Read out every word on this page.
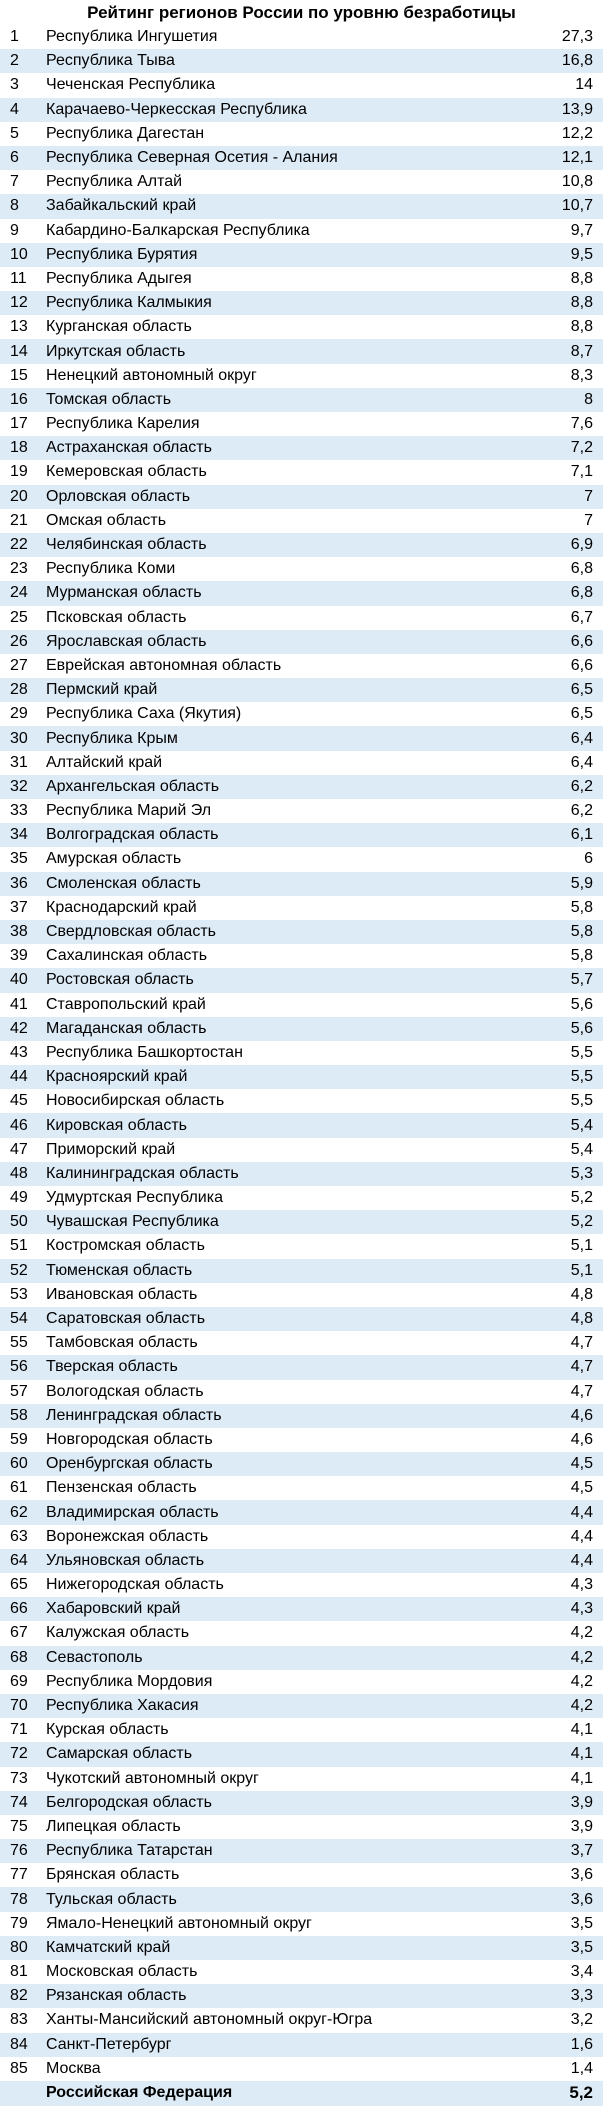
Рейтинг регионов России по уровню безработицы
1	Республика Ингушетия	27,3
2	Республика Тыва	16,8
3	Чеченская Республика	14
4	Карачаево-Черкесская Республика	13,9
5	Республика Дагестан	12,2
6	Республика Северная Осетия - Алания	12,1
7	Республика Алтай	10,8
8	Забайкальский край	10,7
9	Кабардино-Балкарская Республика	9,7
10	Республика Бурятия	9,5
11	Республика Адыгея	8,8
12	Республика Калмыкия	8,8
13	Курганская область	8,8
14	Иркутская область	8,7
15	Ненецкий автономный округ	8,3
16	Томская область	8
17	Республика Карелия	7,6
18	Астраханская область	7,2
19	Кемеровская область	7,1
20	Орловская область	7
21	Омская область	7
22	Челябинская область	6,9
23	Республика Коми	6,8
24	Мурманская область	6,8
25	Псковская область	6,7
26	Ярославская область	6,6
27	Еврейская автономная область	6,6
28	Пермский край	6,5
29	Республика Саха (Якутия)	6,5
30	Республика Крым	6,4
31	Алтайский край	6,4
32	Архангельская область	6,2
33	Республика Марий Эл	6,2
34	Волгоградская область	6,1
35	Амурская область	6
36	Смоленская область	5,9
37	Краснодарский край	5,8
38	Свердловская область	5,8
39	Сахалинская область	5,8
40	Ростовская область	5,7
41	Ставропольский край	5,6
42	Магаданская область	5,6
43	Республика Башкортостан	5,5
44	Красноярский край	5,5
45	Новосибирская область	5,5
46	Кировская область	5,4
47	Приморский край	5,4
48	Калининградская область	5,3
49	Удмуртская Республика	5,2
50	Чувашская Республика	5,2
51	Костромская область	5,1
52	Тюменская область	5,1
53	Ивановская область	4,8
54	Саратовская область	4,8
55	Тамбовская область	4,7
56	Тверская область	4,7
57	Вологодская область	4,7
58	Ленинградская область	4,6
59	Новгородская область	4,6
60	Оренбургская область	4,5
61	Пензенская область	4,5
62	Владимирская область	4,4
63	Воронежская область	4,4
64	Ульяновская область	4,4
65	Нижегородская область	4,3
66	Хабаровский край	4,3
67	Калужская область	4,2
68	Севастополь	4,2
69	Республика Мордовия	4,2
70	Республика Хакасия	4,2
71	Курская область	4,1
72	Самарская область	4,1
73	Чукотский автономный округ	4,1
74	Белгородская область	3,9
75	Липецкая область	3,9
76	Республика Татарстан	3,7
77	Брянская область	3,6
78	Тульская область	3,6
79	Ямало-Ненецкий автономный округ	3,5
80	Камчатский край	3,5
81	Московская область	3,4
82	Рязанская область	3,3
83	Ханты-Мансийский автономный округ-Югра	3,2
84	Санкт-Петербург	1,6
85	Москва	1,4
	Российская Федерация	5,2
